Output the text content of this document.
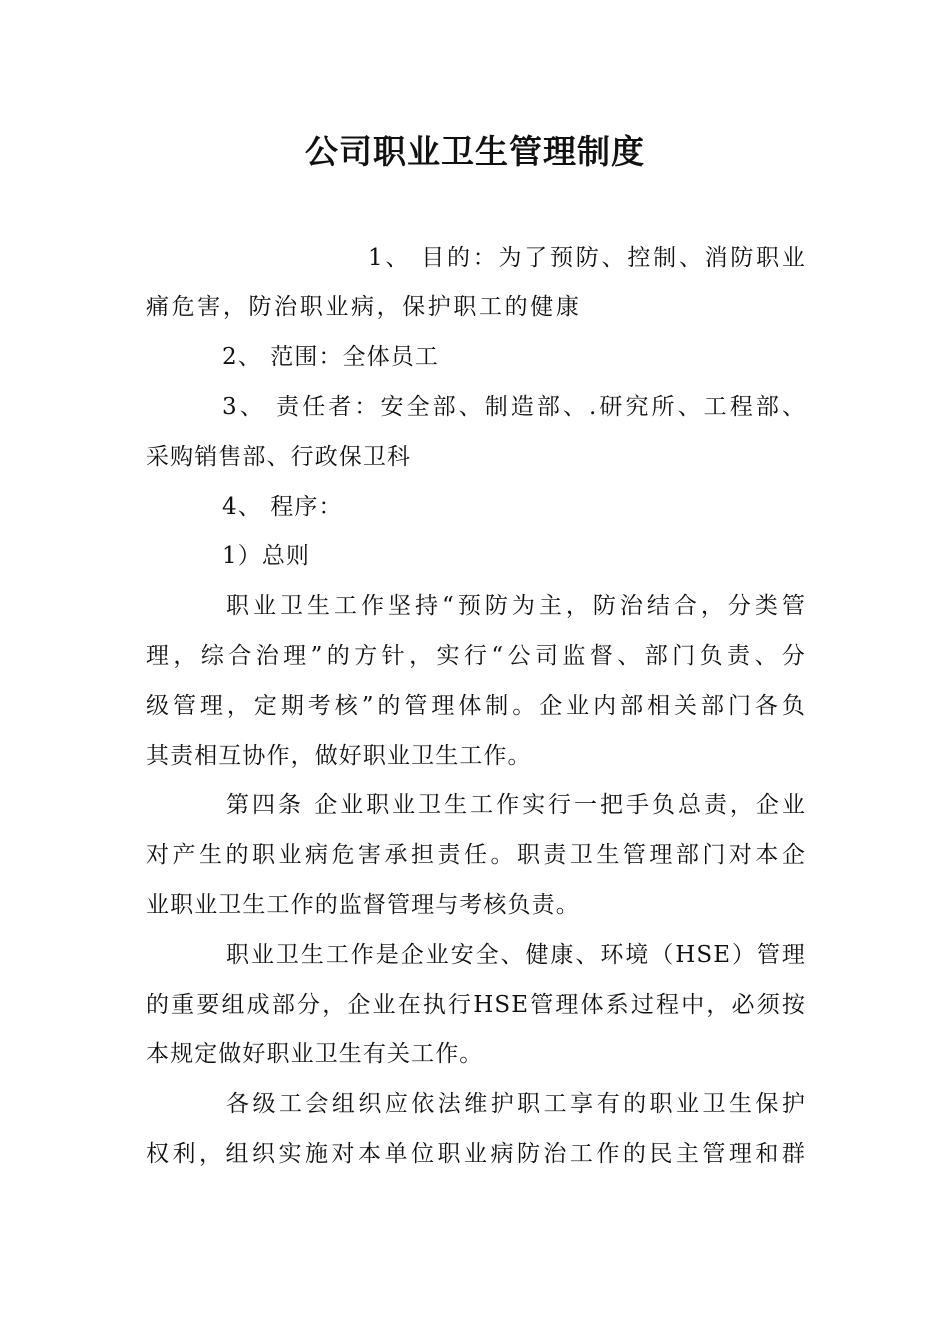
公司职业卫生管理制度
1、 目的：为了预防、控制、消防职业
痛危害，防治职业病，保护职工的健康
2、 范围：全体员工
3、 责任者：安全部、制造部、.研究所、工程部、
采购销售部、行政保卫科
4、 程序：
1）总则
职业卫生工作坚持“预防为主，防治结合，分类管
理，综合治理”的方针，实行“公司监督、部门负责、分
级管理，定期考核”的管理体制。企业内部相关部门各负
其责相互协作，做好职业卫生工作。
第四条 企业职业卫生工作实行一把手负总责，企业
对产生的职业病危害承担责任。职责卫生管理部门对本企
业职业卫生工作的监督管理与考核负责。
职业卫生工作是企业安全、健康、环境（HSE）管理
的重要组成部分，企业在执行HSE管理体系过程中，必须按
本规定做好职业卫生有关工作。
各级工会组织应依法维护职工享有的职业卫生保护
权利，组织实施对本单位职业病防治工作的民主管理和群
